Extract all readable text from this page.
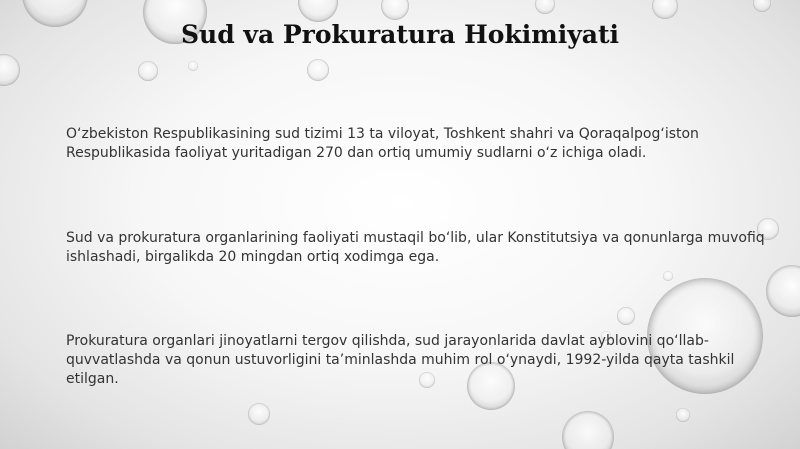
Sud va Prokuratura Hokimiyati

O‘zbekiston Respublikasining sud tizimi 13 ta viloyat, Toshkent shahri va Qoraqalpog‘iston Respublikasida faoliyat yuritadigan 270 dan ortiq umumiy sudlarni o‘z ichiga oladi.

Sud va prokuratura organlarining faoliyati mustaqil bo‘lib, ular Konstitutsiya va qonunlarga muvofiq ishlashadi, birgalikda 20 mingdan ortiq xodimga ega.

Prokuratura organlari jinoyatlarni tergov qilishda, sud jarayonlarida davlat ayblovini qo‘llab-quvvatlashda va qonun ustuvorligini ta’minlashda muhim rol o‘ynaydi, 1992-yilda qayta tashkil etilgan.
